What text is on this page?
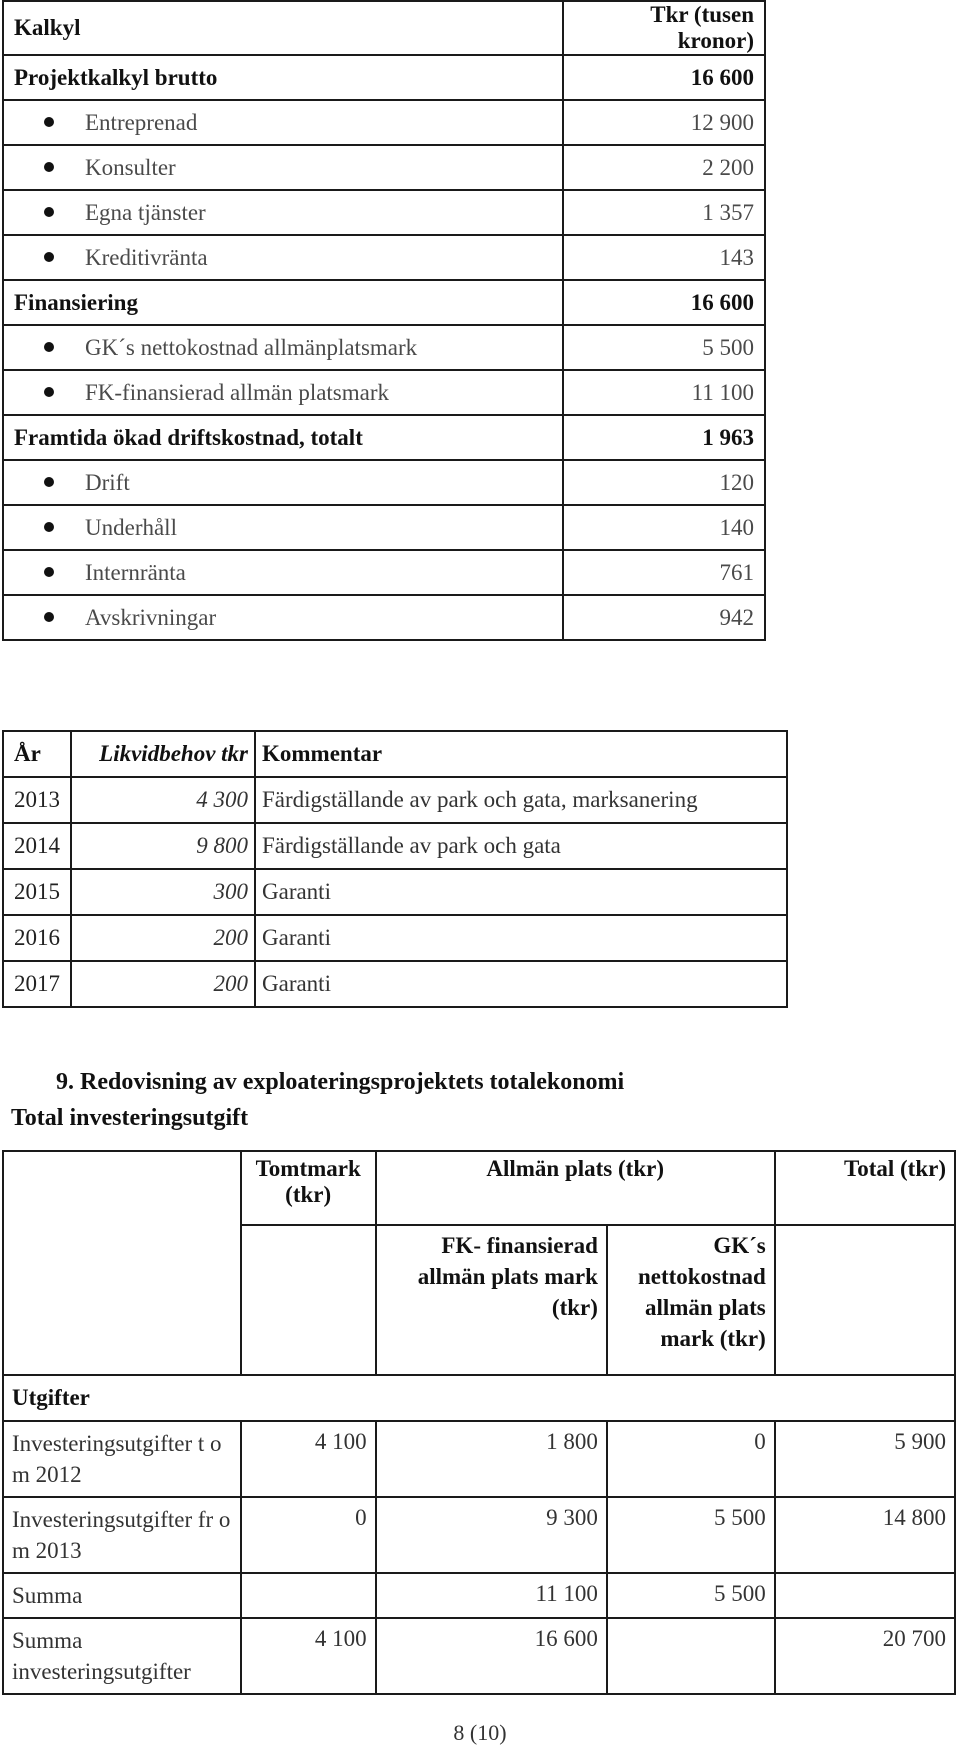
Kalkyl	Tkr (tusen kronor)
Projektkalkyl brutto	16 600
Entreprenad	12 900
Konsulter	2 200
Egna tjänster	1 357
Kreditivränta	143
Finansiering	16 600
GK´s nettokostnad allmänplatsmark	5 500
FK-finansierad allmän platsmark	11 100
Framtida ökad driftskostnad, totalt	1 963
Drift	120
Underhåll	140
Internränta	761
Avskrivningar	942
År	Likvidbehov tkr	Kommentar
2013	4 300	Färdigställande av park och gata, marksanering
2014	9 800	Färdigställande av park och gata
2015	300	Garanti
2016	200	Garanti
2017	200	Garanti
9. Redovisning av exploateringsprojektets totalekonomi
Total investeringsutgift
	Tomtmark (tkr)	Allmän plats (tkr)		Total (tkr)
		FK- finansierad allmän plats mark (tkr)	GK´s nettokostnad allmän plats mark (tkr)	
Utgifter				
Investeringsutgifter t o m 2012	4 100	1 800	0	5 900
Investeringsutgifter fr o m 2013	0	9 300	5 500	14 800
Summa		11 100	5 500	
Summa investeringsutgifter	4 100	16 600		20 700
8 (10)
